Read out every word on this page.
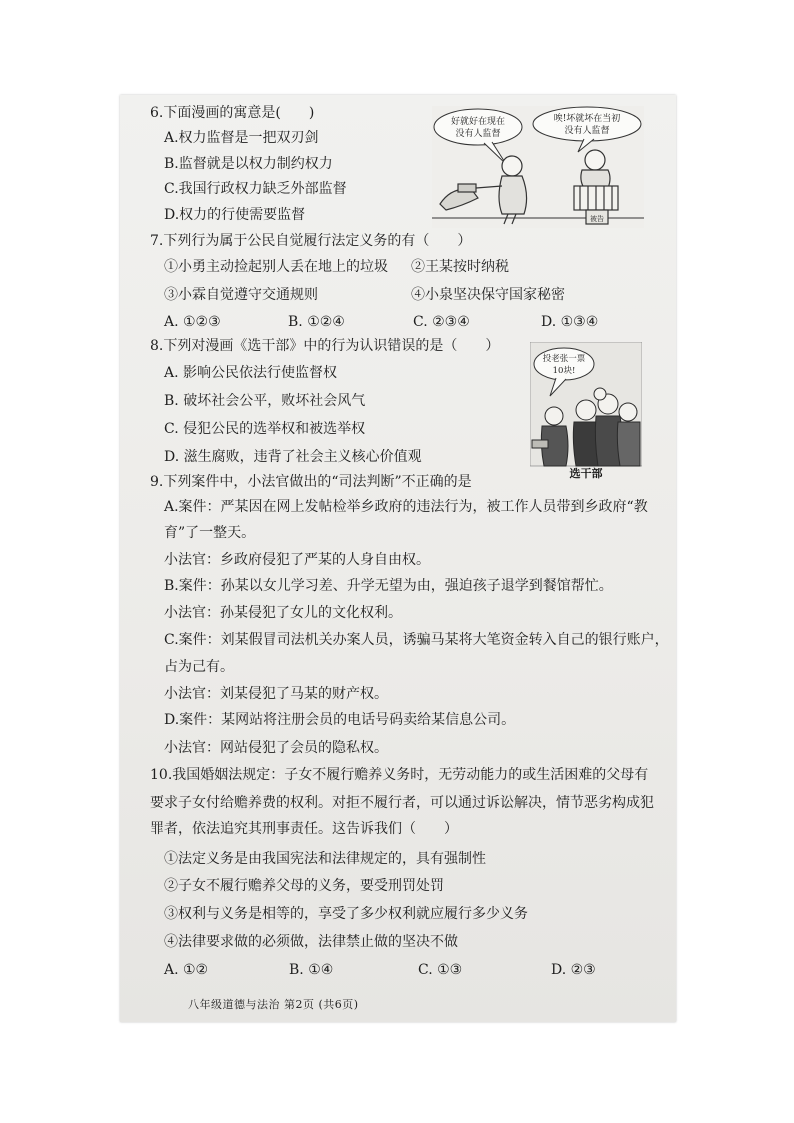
6.下面漫画的寓意是(　　)
A.权力监督是一把双刃剑
B.监督就是以权力制约权力
C.我国行政权力缺乏外部监督
D.权力的行使需要监督
好就好在现在
没有人监督
唉!坏就坏在当初
没有人监督
被告
7.下列行为属于公民自觉履行法定义务的有（　　）
①小勇主动捡起别人丢在地上的垃圾 ②王某按时纳税
③小霖自觉遵守交通规则	④小泉坚决保守国家秘密
A. ①②③	B. ①②④	C. ②③④	D. ①③④
8.下列对漫画《选干部》中的行为认识错误的是（　　）
A. 影响公民依法行使监督权
B. 破坏社会公平，败坏社会风气
C. 侵犯公民的选举权和被选举权
D. 滋生腐败，违背了社会主义核心价值观
投老张一票
10块!
选干部
9.下列案件中，小法官做出的“司法判断”不正确的是
A.案件：严某因在网上发帖检举乡政府的违法行为，被工作人员带到乡政府“教
育”了一整天。
小法官：乡政府侵犯了严某的人身自由权。
B.案件：孙某以女儿学习差、升学无望为由，强迫孩子退学到餐馆帮忙。
小法官：孙某侵犯了女儿的文化权利。
C.案件：刘某假冒司法机关办案人员，诱骗马某将大笔资金转入自己的银行账户，
占为己有。
小法官：刘某侵犯了马某的财产权。
D.案件：某网站将注册会员的电话号码卖给某信息公司。
小法官：网站侵犯了会员的隐私权。
10.我国婚姻法规定：子女不履行赡养义务时，无劳动能力的或生活困难的父母有
要求子女付给赡养费的权利。对拒不履行者，可以通过诉讼解决，情节恶劣构成犯
罪者，依法追究其刑事责任。这告诉我们（　　）
①法定义务是由我国宪法和法律规定的，具有强制性
②子女不履行赡养父母的义务，要受刑罚处罚
③权利与义务是相等的，享受了多少权利就应履行多少义务
④法律要求做的必须做，法律禁止做的坚决不做
A. ①②	B. ①④	C. ①③	D. ②③
八年级道德与法治 第2页 (共6页)
